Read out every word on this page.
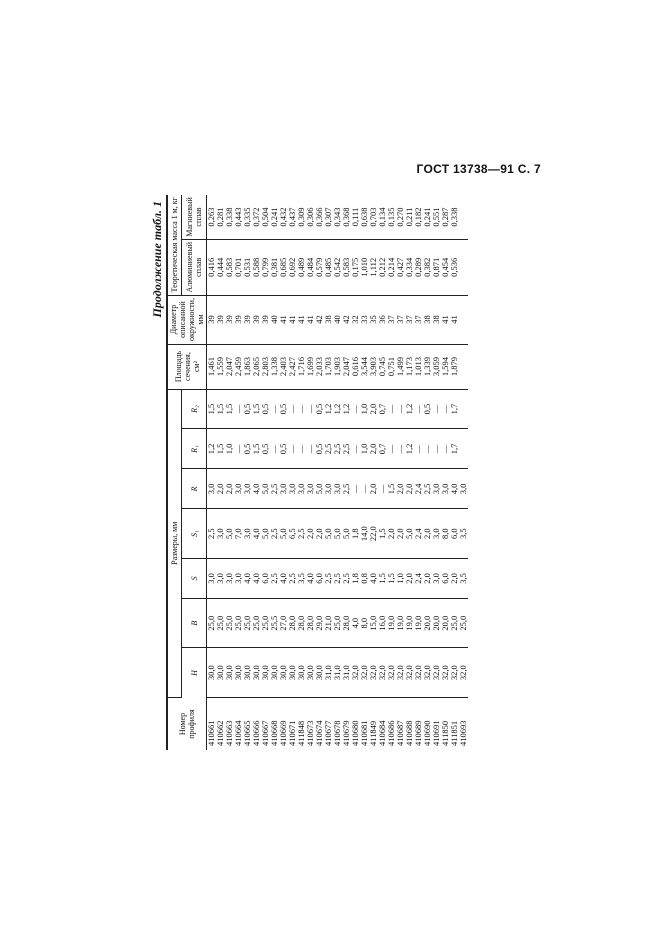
ГОСТ 13738—91 С. 7
Продолжение табл. 1
Номер профиля	Размеры, мм							Площадь сечения, см²	Диаметр описанной окружности, мм	Теоретическая масса 1 м, кг	
	H	B	S	S₁	R	R₁	R₂			Алюминиевый сплав	Магниевый сплав
410661	30,0	25,0	3,0	2,5	3,0	1,2	1,5	1,461	39	0,416	0,263
410662	30,0	25,0	3,0	3,0	2,0	1,5	1,5	1,559	39	0,444	0,281
410663	30,0	25,0	3,0	5,0	2,0	1,0	1,5	2,047	39	0,583	0,338
410664	30,0	25,0	3,0	7,0	3,0	—	—	2,459	39	0,701	0,443
410665	30,0	25,0	4,0	3,0	3,0	0,5	0,5	1,863	39	0,531	0,335
410666	30,0	25,0	4,0	4,0	4,0	1,5	1,5	2,065	39	0,588	0,372
410667	30,0	25,0	6,0	5,0	5,0	0,5	0,5	2,803	39	0,799	0,504
410668	30,0	25,5	2,5	2,5	2,5	—	—	1,338	40	0,381	0,241
410669	30,0	27,0	4,0	5,0	3,0	0,5	0,5	2,403	41	0,685	0,432
410671	30,0	28,0	2,5	6,5	3,0	—	—	2,427	41	0,692	0,437
411848	30,0	28,0	3,5	2,5	3,0	—	—	1,716	41	0,489	0,309
410673	30,0	28,0	4,0	2,0	3,0	—	—	1,699	41	0,484	0,306
410674	30,0	29,0	6,0	2,0	5,0	0,5	0,5	2,033	42	0,579	0,366
410677	31,0	21,0	2,5	5,0	3,0	2,5	1,2	1,703	38	0,485	0,307
410678	31,0	25,0	2,5	5,0	3,0	2,5	1,2	1,903	40	0,542	0,343
410679	31,0	28,0	2,5	5,0	2,5	2,5	1,2	2,047	42	0,583	0,368
410680	32,0	4,0	1,8	1,8	—	—	—	0,616	32	0,175	0,111
410681	32,0	8,0	0,8	14,0	—	1,0	1,0	3,544	33	1,010	0,638
411849	32,0	15,0	4,0	22,0	2,0	2,0	2,0	3,903	35	1,112	0,703
410684	32,0	16,0	1,5	1,5	—	0,7	0,7	0,745	36	0,212	0,134
410686	32,0	19,0	1,5	2,0	1,5	—	—	0,751	37	0,214	0,135
410687	32,0	19,0	1,0	2,0	2,0	—	—	1,499	37	0,427	0,270
410688	32,0	19,0	2,0	5,0	2,0	1,2	1,2	1,173	37	0,334	0,211
410689	32,0	19,0	2,4	2,4	2,4	—	—	1,013	37	0,289	0,182
410690	32,0	20,0	2,0	2,0	2,5	—	0,5	1,339	38	0,382	0,241
410691	32,0	20,0	3,0	3,0	3,0	—	—	3,059	38	0,871	0,551
411850	32,0	20,0	6,0	8,0	3,0	—	—	1,594	41	0,454	0,287
411851	32,0	25,0	2,0	6,0	4,0	1,7	1,7	1,879	41	0,536	0,338
410693	32,0	25,0	3,5	3,5	3,0						
